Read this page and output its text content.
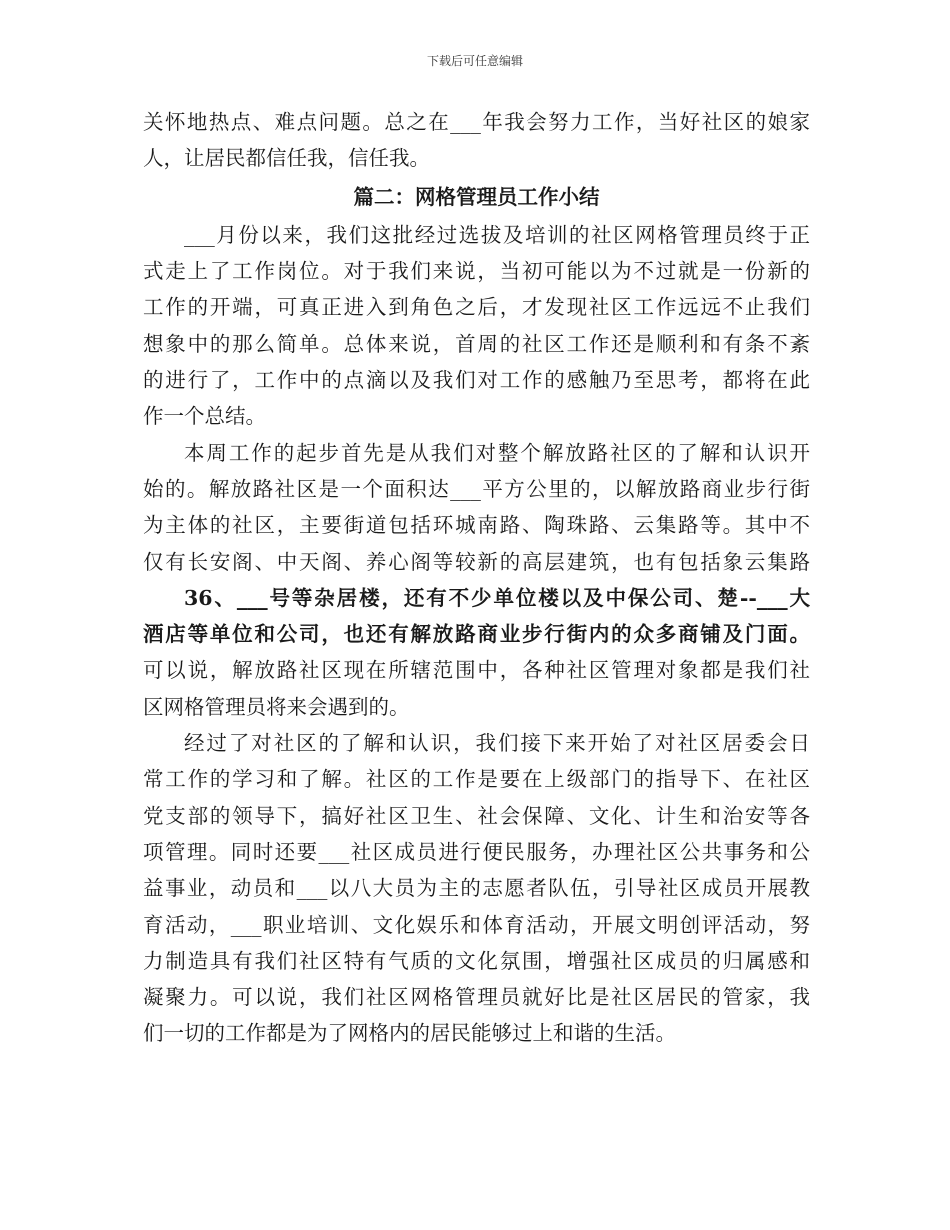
下载后可任意编辑
关怀地热点、难点问题。总之在___年我会努力工作，当好社区的娘家
人，让居民都信任我，信任我。
篇二：网格管理员工作小结
___月份以来，我们这批经过选拔及培训的社区网格管理员终于正
式走上了工作岗位。对于我们来说，当初可能以为不过就是一份新的
工作的开端，可真正进入到角色之后，才发现社区工作远远不止我们
想象中的那么简单。总体来说，首周的社区工作还是顺利和有条不紊
的进行了，工作中的点滴以及我们对工作的感触乃至思考，都将在此
作一个总结。
本周工作的起步首先是从我们对整个解放路社区的了解和认识开
始的。解放路社区是一个面积达___平方公里的，以解放路商业步行街
为主体的社区，主要街道包括环城南路、陶珠路、云集路等。其中不
仅有长安阁、中天阁、养心阁等较新的高层建筑，也有包括象云集路
36、___号等杂居楼，还有不少单位楼以及中保公司、楚--___大
酒店等单位和公司，也还有解放路商业步行街内的众多商铺及门面。
可以说，解放路社区现在所辖范围中，各种社区管理对象都是我们社
区网格管理员将来会遇到的。
经过了对社区的了解和认识，我们接下来开始了对社区居委会日
常工作的学习和了解。社区的工作是要在上级部门的指导下、在社区
党支部的领导下，搞好社区卫生、社会保障、文化、计生和治安等各
项管理。同时还要___社区成员进行便民服务，办理社区公共事务和公
益事业，动员和___以八大员为主的志愿者队伍，引导社区成员开展教
育活动，___职业培训、文化娱乐和体育活动，开展文明创评活动，努
力制造具有我们社区特有气质的文化氛围，增强社区成员的归属感和
凝聚力。可以说，我们社区网格管理员就好比是社区居民的管家，我
们一切的工作都是为了网格内的居民能够过上和谐的生活。
